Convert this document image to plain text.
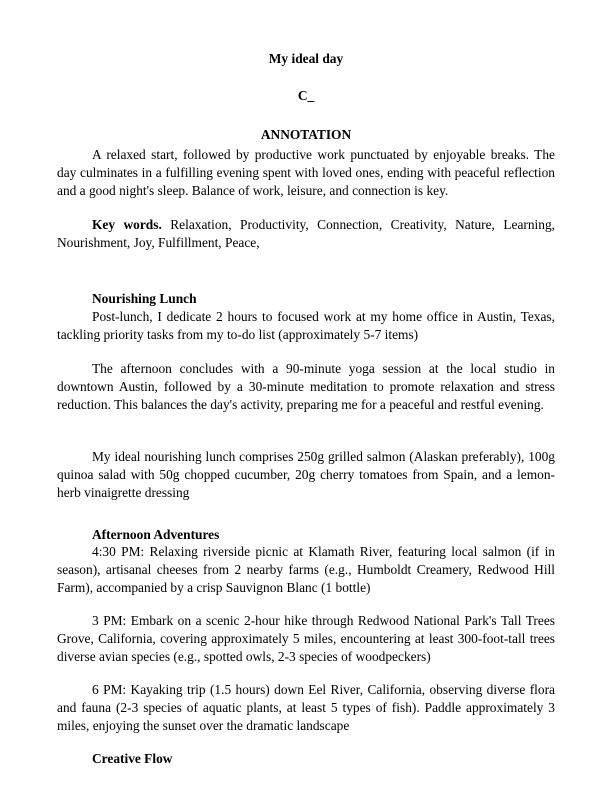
My ideal day
C_
ANNOTATION

A relaxed start, followed by productive work punctuated by enjoyable breaks. The day culminates in a fulfilling evening spent with loved ones, ending with peaceful reflection and a good night's sleep. Balance of work, leisure, and connection is key.

Key words. Relaxation, Productivity, Connection, Creativity, Nature, Learning, Nourishment, Joy, Fulfillment, Peace,

Nourishing Lunch

Post-lunch, I dedicate 2 hours to focused work at my home office in Austin, Texas, tackling priority tasks from my to-do list (approximately 5-7 items)

The afternoon concludes with a 90-minute yoga session at the local studio in downtown Austin, followed by a 30-minute meditation to promote relaxation and stress reduction. This balances the day's activity, preparing me for a peaceful and restful evening.

My ideal nourishing lunch comprises 250g grilled salmon (Alaskan preferably), 100g quinoa salad with 50g chopped cucumber, 20g cherry tomatoes from Spain, and a lemon-herb vinaigrette dressing

Afternoon Adventures

4:30 PM: Relaxing riverside picnic at Klamath River, featuring local salmon (if in season), artisanal cheeses from 2 nearby farms (e.g., Humboldt Creamery, Redwood Hill Farm), accompanied by a crisp Sauvignon Blanc (1 bottle)

3 PM: Embark on a scenic 2-hour hike through Redwood National Park's Tall Trees Grove, California, covering approximately 5 miles, encountering at least 300-foot-tall trees diverse avian species (e.g., spotted owls, 2-3 species of woodpeckers)

6 PM: Kayaking trip (1.5 hours) down Eel River, California, observing diverse flora and fauna (2-3 species of aquatic plants, at least 5 types of fish). Paddle approximately 3 miles, enjoying the sunset over the dramatic landscape

Creative Flow
